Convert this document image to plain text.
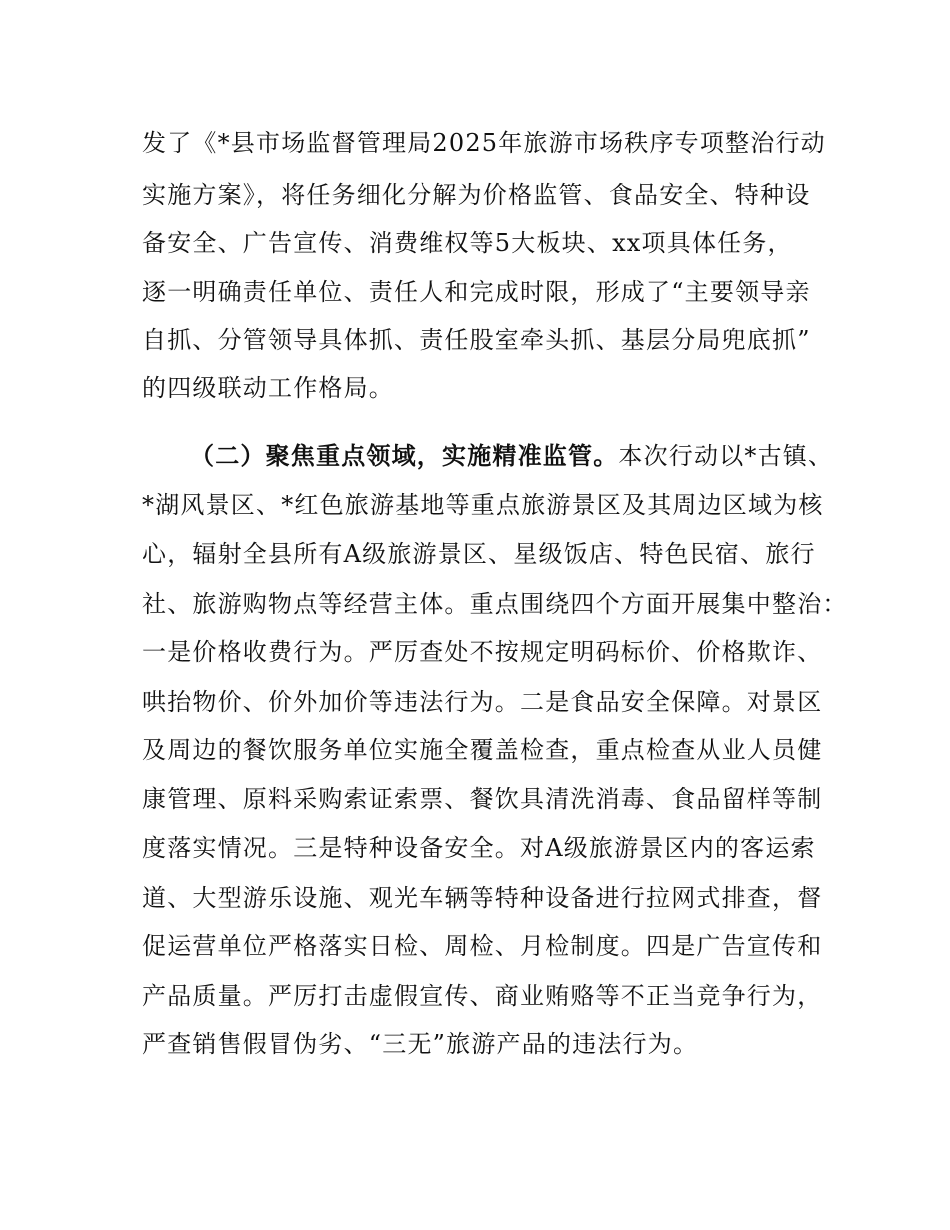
发了《*县市场监督管理局2025年旅游市场秩序专项整治行动
实施方案》，将任务细化分解为价格监管、食品安全、特种设
备安全、广告宣传、消费维权等5大板块、xx项具体任务，
逐一明确责任单位、责任人和完成时限，形成了“主要领导亲
自抓、分管领导具体抓、责任股室牵头抓、基层分局兜底抓”
的四级联动工作格局。
（二）聚焦重点领域，实施精准监管。本次行动以*古镇、
*湖风景区、*红色旅游基地等重点旅游景区及其周边区域为核
心，辐射全县所有A级旅游景区、星级饭店、特色民宿、旅行
社、旅游购物点等经营主体。重点围绕四个方面开展集中整治：
一是价格收费行为。严厉查处不按规定明码标价、价格欺诈、
哄抬物价、价外加价等违法行为。二是食品安全保障。对景区
及周边的餐饮服务单位实施全覆盖检查，重点检查从业人员健
康管理、原料采购索证索票、餐饮具清洗消毒、食品留样等制
度落实情况。三是特种设备安全。对A级旅游景区内的客运索
道、大型游乐设施、观光车辆等特种设备进行拉网式排查，督
促运营单位严格落实日检、周检、月检制度。四是广告宣传和
产品质量。严厉打击虚假宣传、商业贿赂等不正当竞争行为，
严查销售假冒伪劣、“三无”旅游产品的违法行为。
